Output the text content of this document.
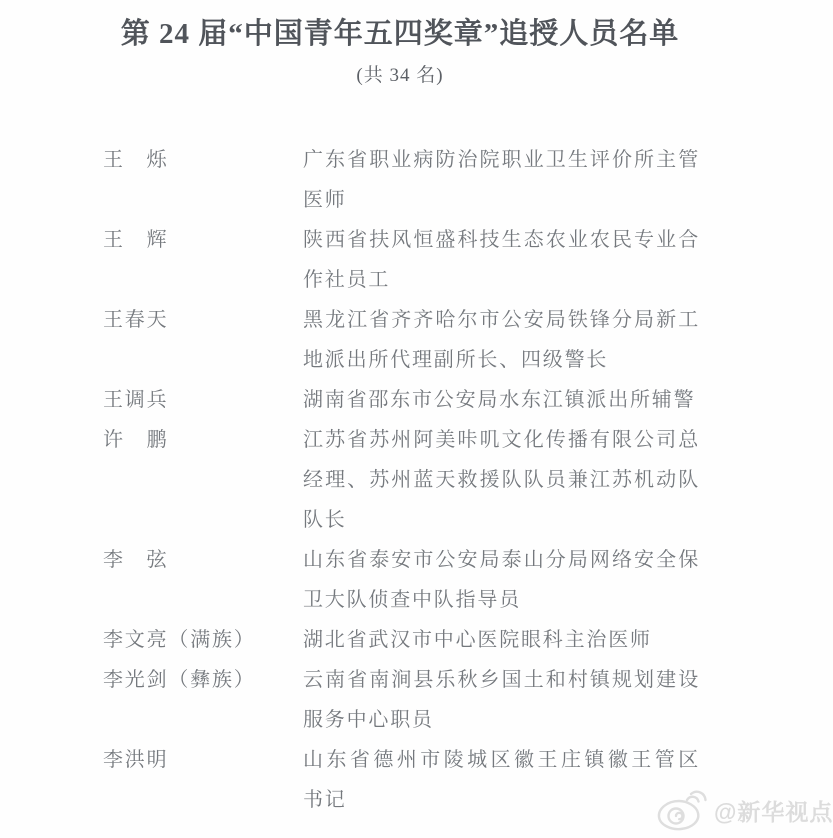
第 24 届“中国青年五四奖章”追授人员名单
(共 34 名)
王　烁	广东省职业病防治院职业卫生评价所主管
医师
王　辉	陕西省扶风恒盛科技生态农业农民专业合
作社员工
王春天	黑龙江省齐齐哈尔市公安局铁锋分局新工
地派出所代理副所长、四级警长
王调兵	湖南省邵东市公安局水东江镇派出所辅警
许　鹏	江苏省苏州阿美咔叽文化传播有限公司总
经理、苏州蓝天救援队队员兼江苏机动队
队长
李　弦	山东省泰安市公安局泰山分局网络安全保
卫大队侦查中队指导员
李文亮（满族）	湖北省武汉市中心医院眼科主治医师
李光剑（彝族）	云南省南涧县乐秋乡国土和村镇规划建设
服务中心职员
李洪明	山东省德州市陵城区徽王庄镇徽王管区
书记	@新华视点
